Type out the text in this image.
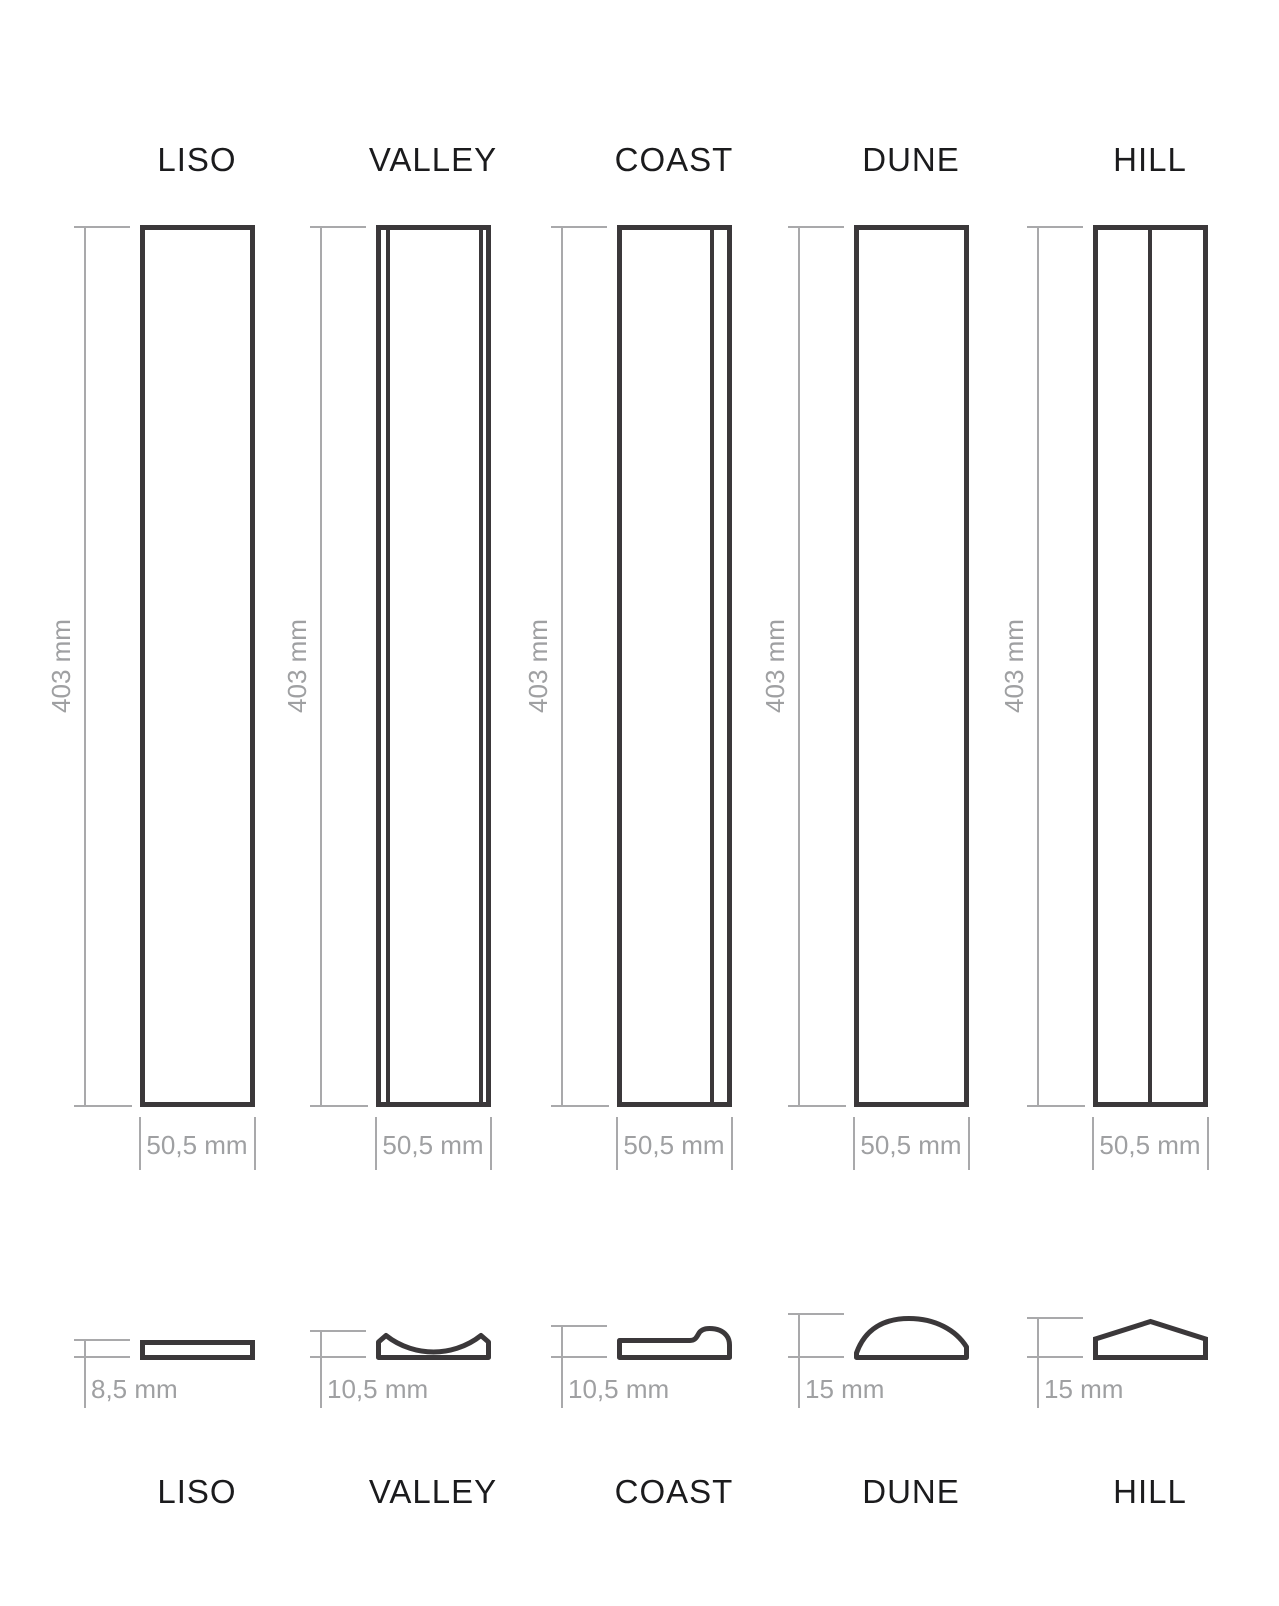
LISO
403 mm
50,5 mm
8,5 mm
LISO
VALLEY
403 mm
50,5 mm
10,5 mm
VALLEY
COAST
403 mm
50,5 mm
10,5 mm
COAST
DUNE
403 mm
50,5 mm
15 mm
DUNE
HILL
403 mm
50,5 mm
15 mm
HILL
